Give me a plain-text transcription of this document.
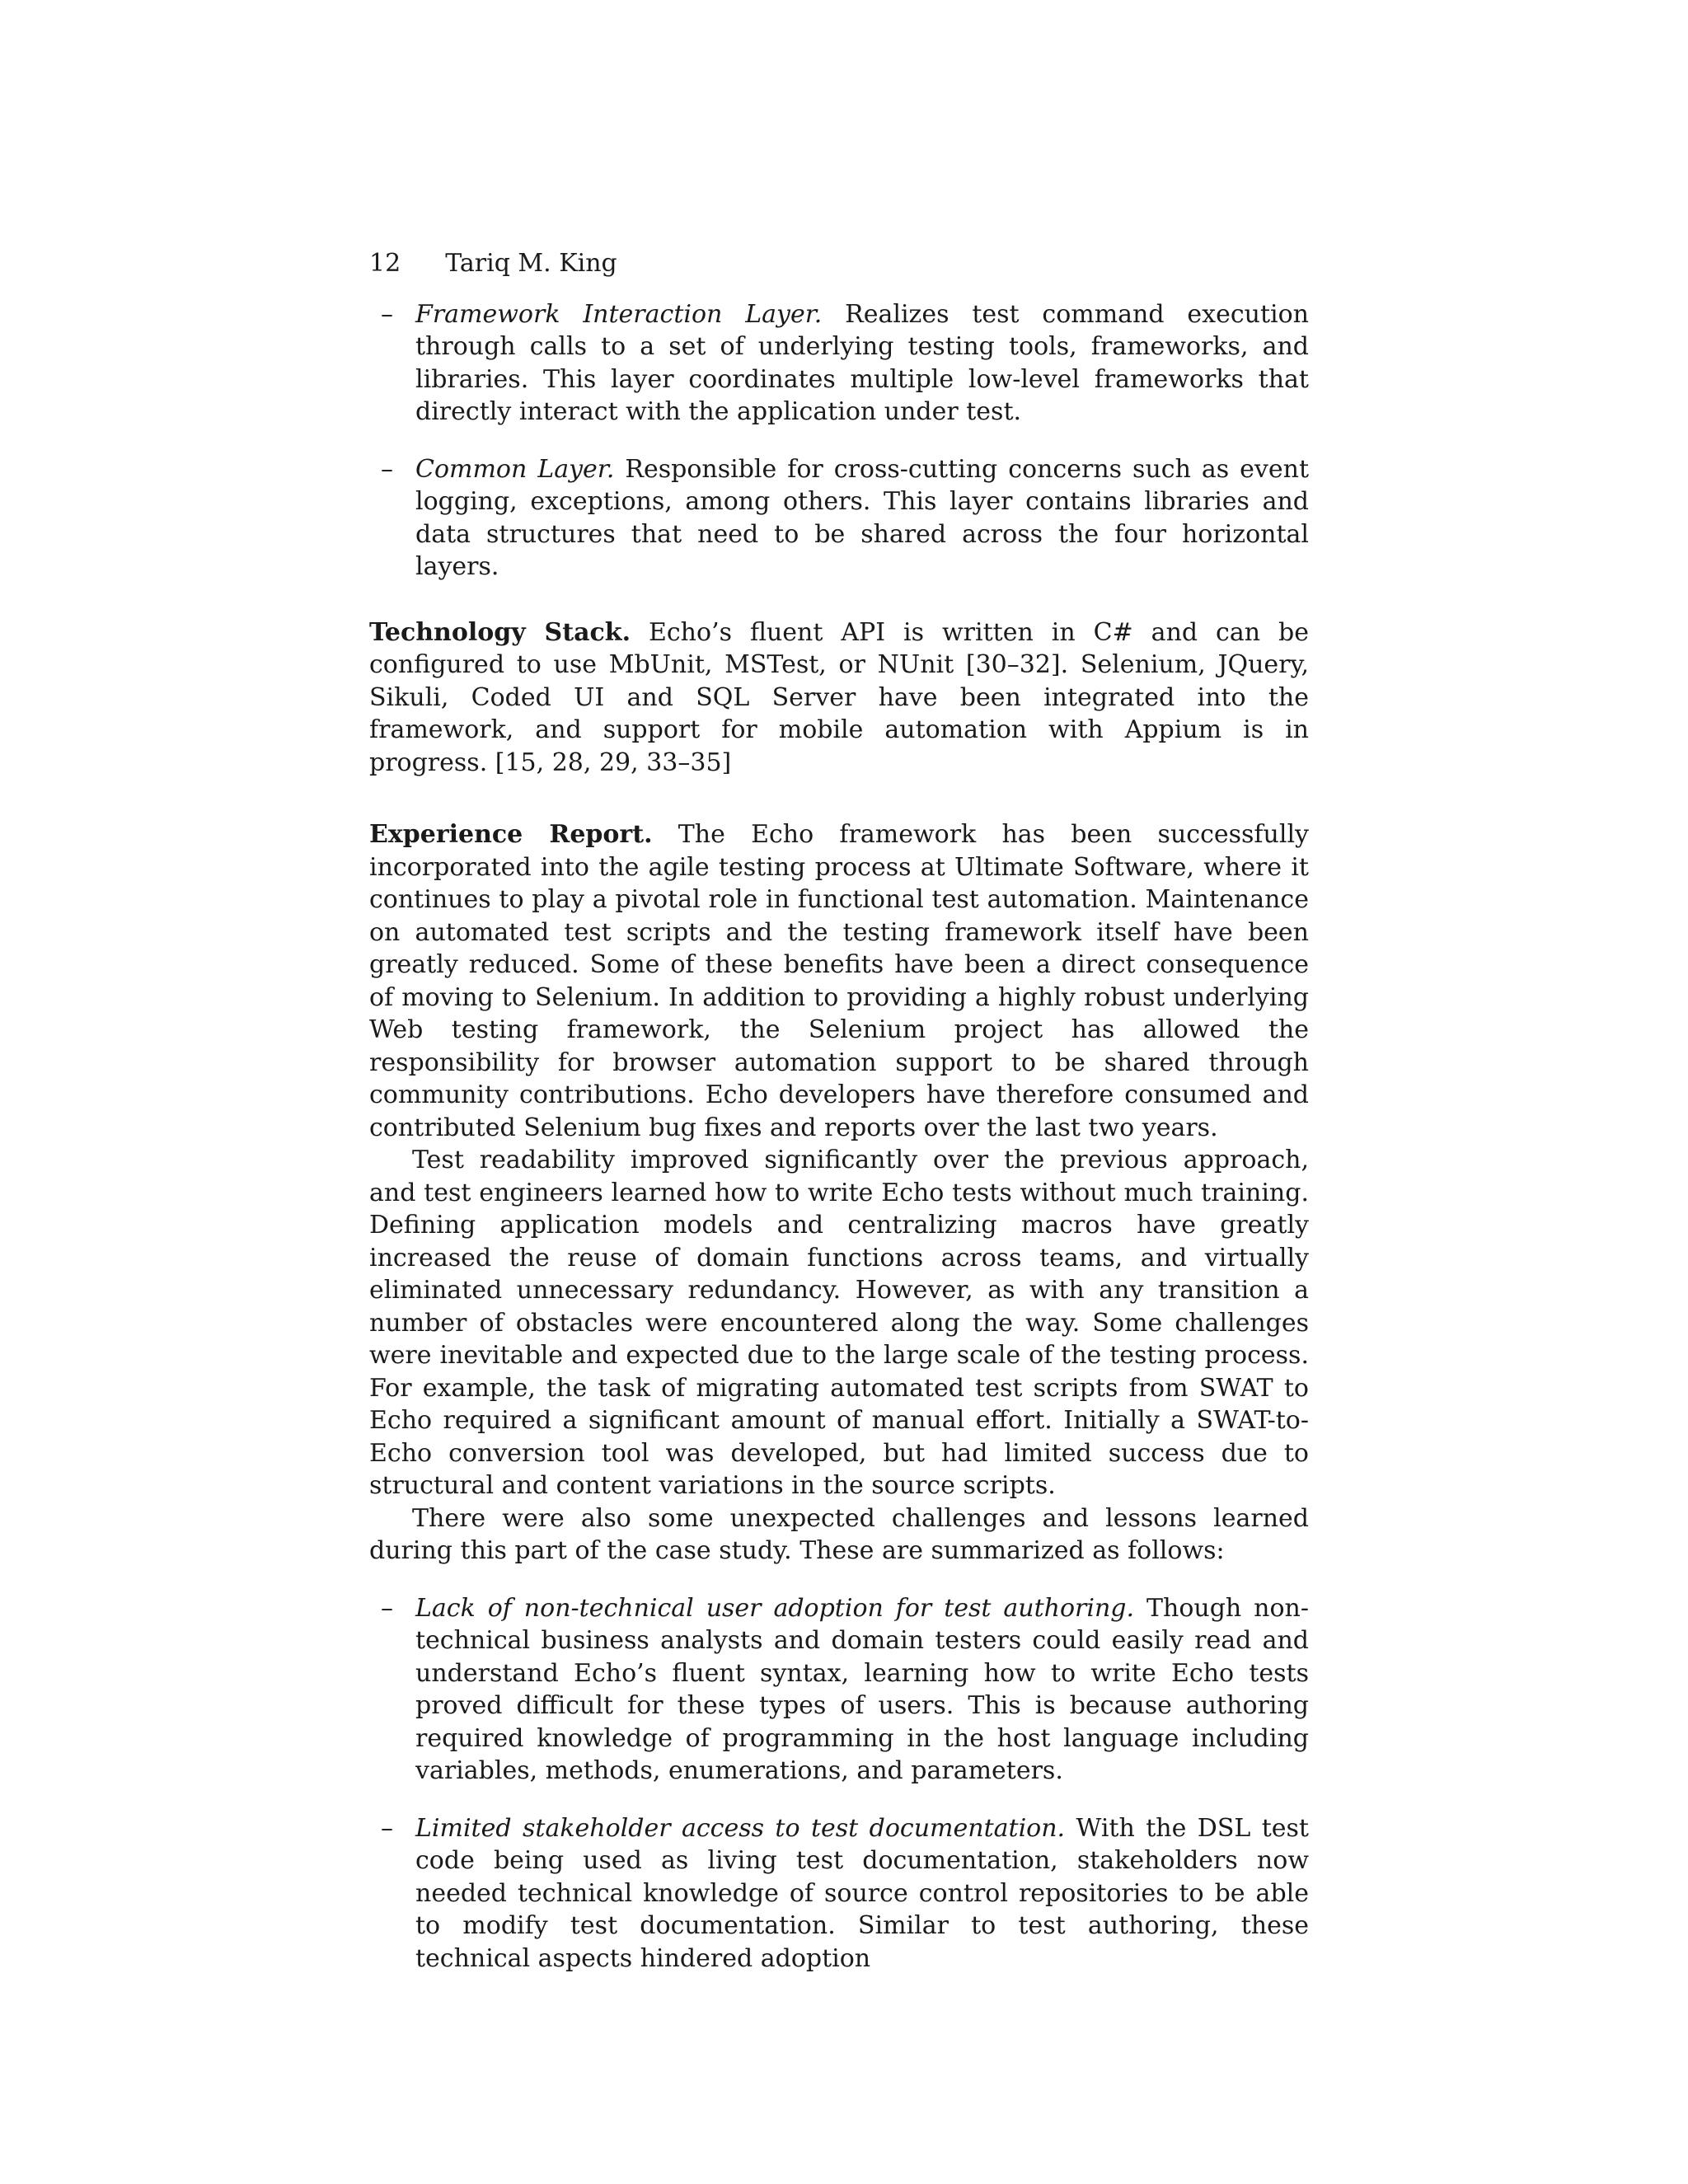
12 Tariq M. King
– Framework Interaction Layer. Realizes test command execution through calls to a set of underlying testing tools, frameworks, and libraries. This layer coordinates multiple low-level frameworks that directly interact with the application under test.
– Common Layer. Responsible for cross-cutting concerns such as event logging, exceptions, among others. This layer contains libraries and data structures that need to be shared across the four horizontal layers.

Technology Stack. Echo’s fluent API is written in C# and can be configured to use MbUnit, MSTest, or NUnit [30–32]. Selenium, JQuery, Sikuli, Coded UI and SQL Server have been integrated into the framework, and support for mobile automation with Appium is in progress. [15, 28, 29, 33–35]

Experience Report. The Echo framework has been successfully incorporated into the agile testing process at Ultimate Software, where it continues to play a pivotal role in functional test automation. Maintenance on automated test scripts and the testing framework itself have been greatly reduced. Some of these benefits have been a direct consequence of moving to Selenium. In addition to providing a highly robust underlying Web testing framework, the Selenium project has allowed the responsibility for browser automation support to be shared through community contributions. Echo developers have therefore consumed and contributed Selenium bug fixes and reports over the last two years.

Test readability improved significantly over the previous approach, and test engineers learned how to write Echo tests without much training. Defining application models and centralizing macros have greatly increased the reuse of domain functions across teams, and virtually eliminated unnecessary redundancy. However, as with any transition a number of obstacles were encountered along the way. Some challenges were inevitable and expected due to the large scale of the testing process. For example, the task of migrating automated test scripts from SWAT to Echo required a significant amount of manual effort. Initially a SWAT-to-Echo conversion tool was developed, but had limited success due to structural and content variations in the source scripts.

There were also some unexpected challenges and lessons learned during this part of the case study. These are summarized as follows:

– Lack of non-technical user adoption for test authoring. Though non-technical business analysts and domain testers could easily read and understand Echo’s fluent syntax, learning how to write Echo tests proved difficult for these types of users. This is because authoring required knowledge of programming in the host language including variables, methods, enumerations, and parameters.
– Limited stakeholder access to test documentation. With the DSL test code being used as living test documentation, stakeholders now needed technical knowledge of source control repositories to be able to modify test documentation. Similar to test authoring, these technical aspects hindered adoption
